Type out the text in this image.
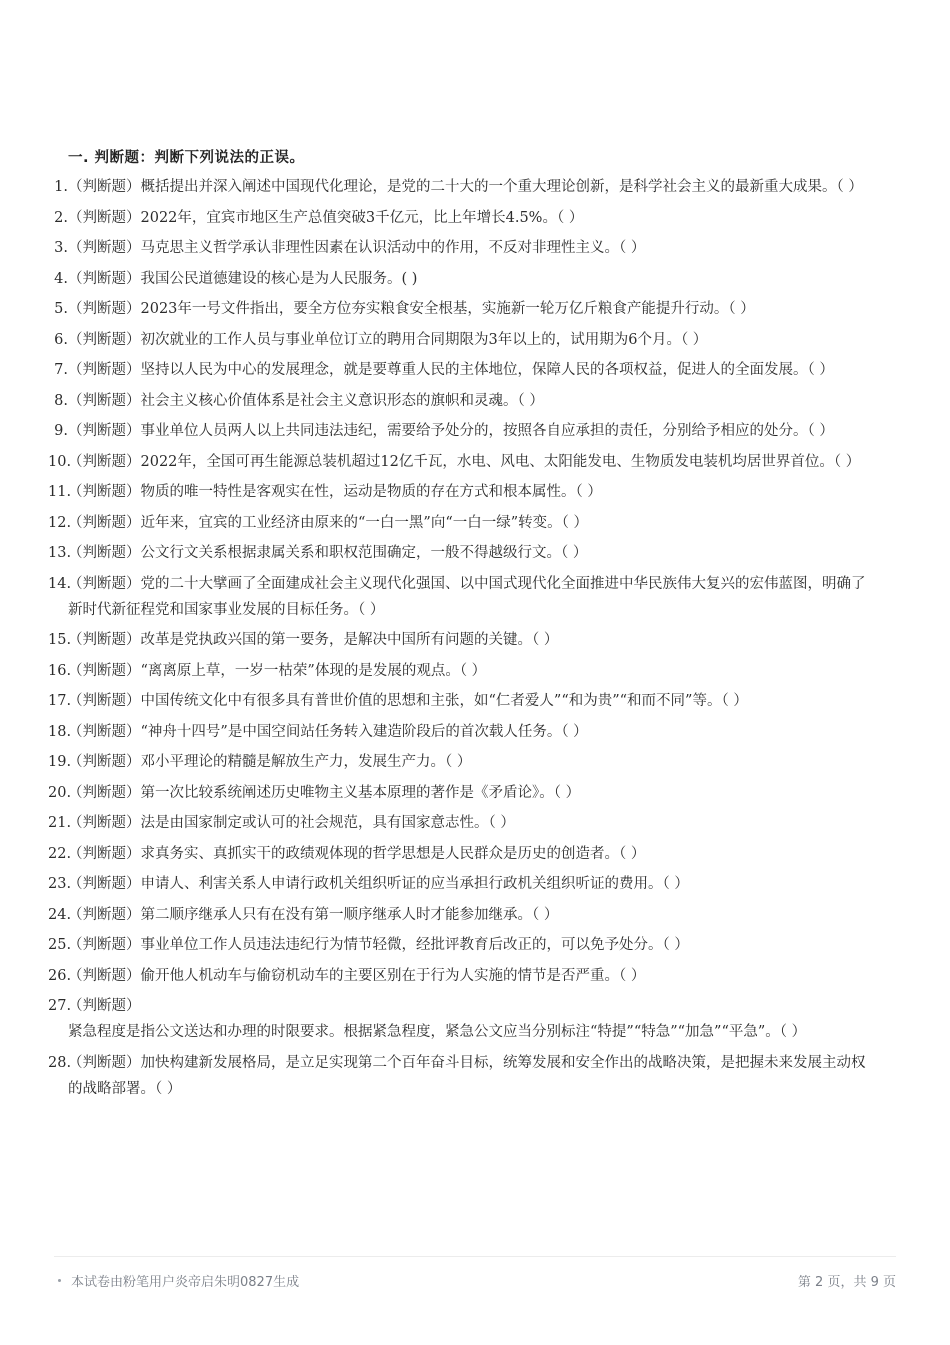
一. 判断题：判断下列说法的正误。
1. （判断题）概括提出并深入阐述中国现代化理论，是党的二十大的一个重大理论创新，是科学社会主义的最新重大成果。（ ）
2. （判断题）2022年，宜宾市地区生产总值突破3千亿元，比上年增长4.5%。（ ）
3. （判断题）马克思主义哲学承认非理性因素在认识活动中的作用，不反对非理性主义。（ ）
4. （判断题）我国公民道德建设的核心是为人民服务。( )
5. （判断题）2023年一号文件指出，要全方位夯实粮食安全根基，实施新一轮万亿斤粮食产能提升行动。（ ）
6. （判断题）初次就业的工作人员与事业单位订立的聘用合同期限为3年以上的，试用期为6个月。（ ）
7. （判断题）坚持以人民为中心的发展理念，就是要尊重人民的主体地位，保障人民的各项权益，促进人的全面发展。（ ）
8. （判断题）社会主义核心价值体系是社会主义意识形态的旗帜和灵魂。（ ）
9. （判断题）事业单位人员两人以上共同违法违纪，需要给予处分的，按照各自应承担的责任，分别给予相应的处分。（ ）
10.
（判断题）2022年，全国可再生能源总装机超过12亿千瓦，水电、风电、太阳能发电、生物质发电装机均居世界首位。（ ）
11.
（判断题）物质的唯一特性是客观实在性，运动是物质的存在方式和根本属性。（ ）
12.
（判断题）近年来，宜宾的工业经济由原来的“一白一黑”向“一白一绿”转变。（ ）
13.
（判断题）公文行文关系根据隶属关系和职权范围确定，一般不得越级行文。（ ）
14.
（判断题）党的二十大擘画了全面建成社会主义现代化强国、以中国式现代化全面推进中华民族伟大复兴的宏伟蓝图，明确了新时代新征程党和国家事业发展的目标任务。（ ）
15.
（判断题）改革是党执政兴国的第一要务，是解决中国所有问题的关键。（ ）
16.
（判断题）“离离原上草，一岁一枯荣”体现的是发展的观点。（ ）
17.
（判断题）中国传统文化中有很多具有普世价值的思想和主张，如“仁者爱人”“和为贵”“和而不同”等。（ ）
18.
（判断题）“神舟十四号”是中国空间站任务转入建造阶段后的首次载人任务。（ ）
19.
（判断题）邓小平理论的精髓是解放生产力，发展生产力。（ ）
20.
（判断题）第一次比较系统阐述历史唯物主义基本原理的著作是《矛盾论》。（ ）
21.
（判断题）法是由国家制定或认可的社会规范，具有国家意志性。（ ）
22.
（判断题）求真务实、真抓实干的政绩观体现的哲学思想是人民群众是历史的创造者。（ ）
23.
（判断题）申请人、利害关系人申请行政机关组织听证的应当承担行政机关组织听证的费用。（ ）
24.
（判断题）第二顺序继承人只有在没有第一顺序继承人时才能参加继承。（ ）
25.
（判断题）事业单位工作人员违法违纪行为情节轻微，经批评教育后改正的，可以免予处分。（ ）
26.
（判断题）偷开他人机动车与偷窃机动车的主要区别在于行为人实施的情节是否严重。（ ）
27.
（判断题）紧急程度是指公文送达和办理的时限要求。根据紧急程度，紧急公文应当分别标注“特提”“特急”“加急”“平急”。（ ）
28.
（判断题）加快构建新发展格局，是立足实现第二个百年奋斗目标，统筹发展和安全作出的战略决策，是把握未来发展主动权的战略部署。（ ）
本试卷由粉笔用户炎帝启朱明0827生成	第 2 页，共 9 页
